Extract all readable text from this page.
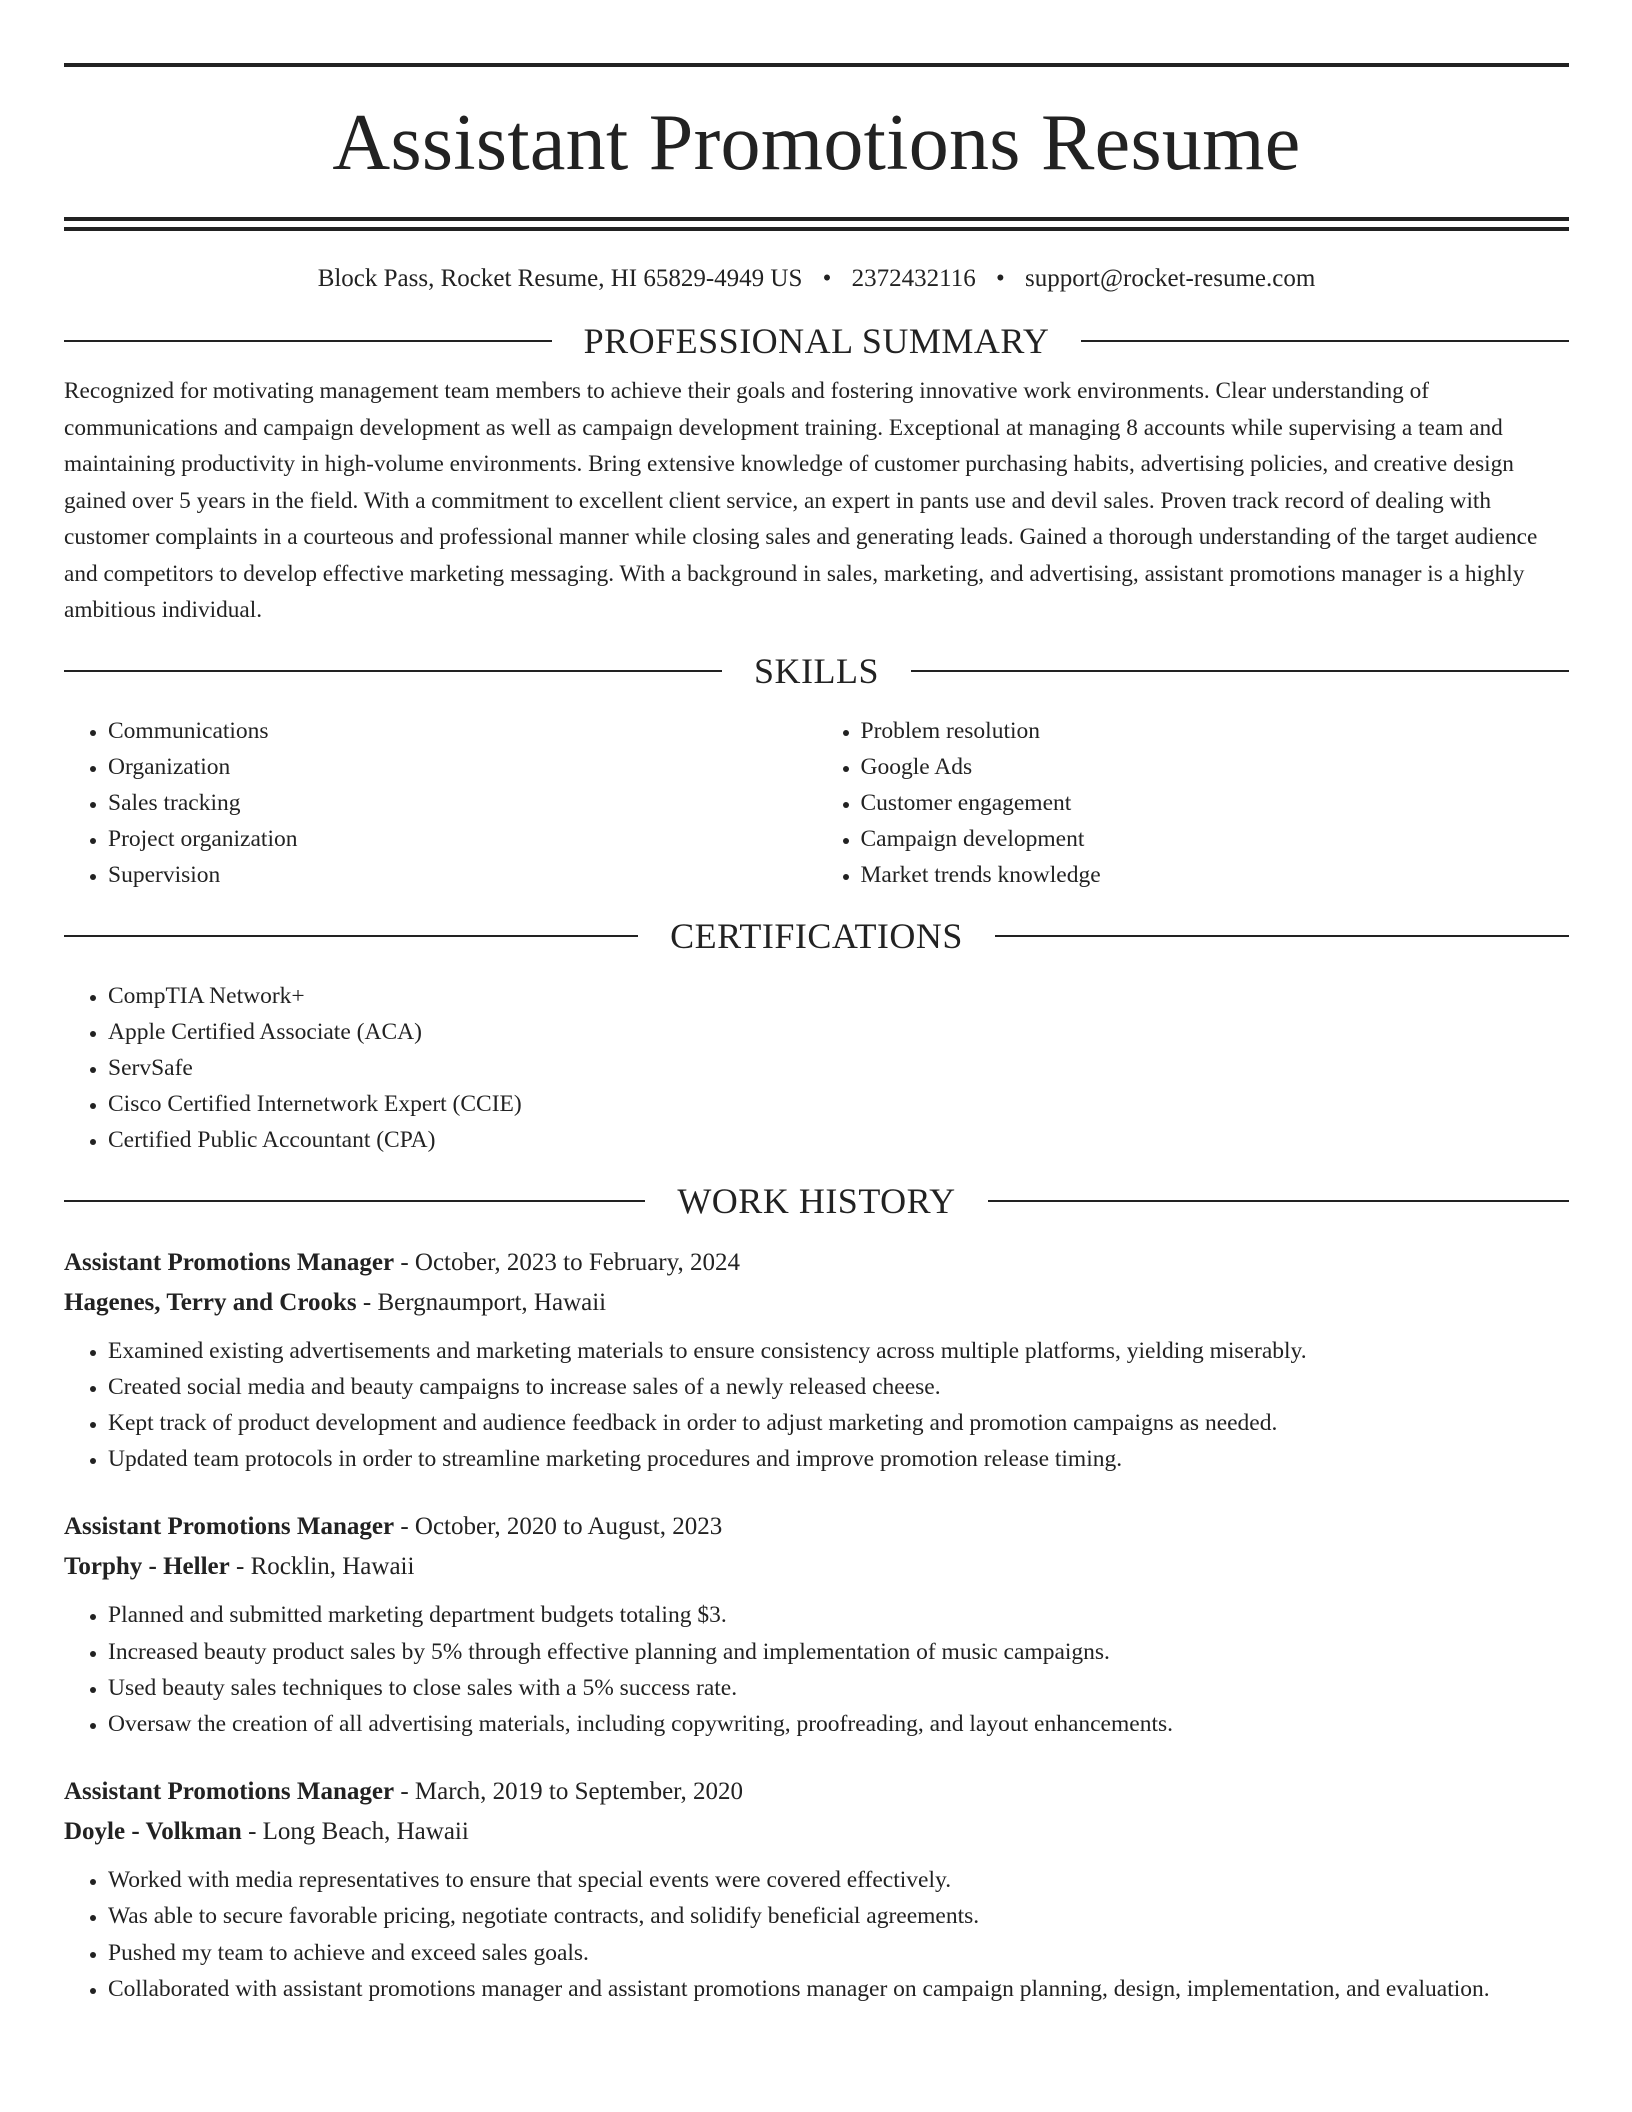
Assistant Promotions Resume
Block Pass, Rocket Resume, HI 65829-4949 US • 2372432116 • support@rocket-resume.com
PROFESSIONAL SUMMARY
Recognized for motivating management team members to achieve their goals and fostering innovative work environments. Clear understanding of communications and campaign development as well as campaign development training. Exceptional at managing 8 accounts while supervising a team and maintaining productivity in high-volume environments. Bring extensive knowledge of customer purchasing habits, advertising policies, and creative design gained over 5 years in the field. With a commitment to excellent client service, an expert in pants use and devil sales. Proven track record of dealing with customer complaints in a courteous and professional manner while closing sales and generating leads. Gained a thorough understanding of the target audience and competitors to develop effective marketing messaging. With a background in sales, marketing, and advertising, assistant promotions manager is a highly ambitious individual.
SKILLS
• Communications
• Organization
• Sales tracking
• Project organization
• Supervision
• Problem resolution
• Google Ads
• Customer engagement
• Campaign development
• Market trends knowledge
CERTIFICATIONS
• CompTIA Network+
• Apple Certified Associate (ACA)
• ServSafe
• Cisco Certified Internetwork Expert (CCIE)
• Certified Public Accountant (CPA)
WORK HISTORY
Assistant Promotions Manager - October, 2023 to February, 2024
Hagenes, Terry and Crooks - Bergnaumport, Hawaii
• Examined existing advertisements and marketing materials to ensure consistency across multiple platforms, yielding miserably.
• Created social media and beauty campaigns to increase sales of a newly released cheese.
• Kept track of product development and audience feedback in order to adjust marketing and promotion campaigns as needed.
• Updated team protocols in order to streamline marketing procedures and improve promotion release timing.
Assistant Promotions Manager - October, 2020 to August, 2023
Torphy - Heller - Rocklin, Hawaii
• Planned and submitted marketing department budgets totaling $3.
• Increased beauty product sales by 5% through effective planning and implementation of music campaigns.
• Used beauty sales techniques to close sales with a 5% success rate.
• Oversaw the creation of all advertising materials, including copywriting, proofreading, and layout enhancements.
Assistant Promotions Manager - March, 2019 to September, 2020
Doyle - Volkman - Long Beach, Hawaii
• Worked with media representatives to ensure that special events were covered effectively.
• Was able to secure favorable pricing, negotiate contracts, and solidify beneficial agreements.
• Pushed my team to achieve and exceed sales goals.
• Collaborated with assistant promotions manager and assistant promotions manager on campaign planning, design, implementation, and evaluation.
